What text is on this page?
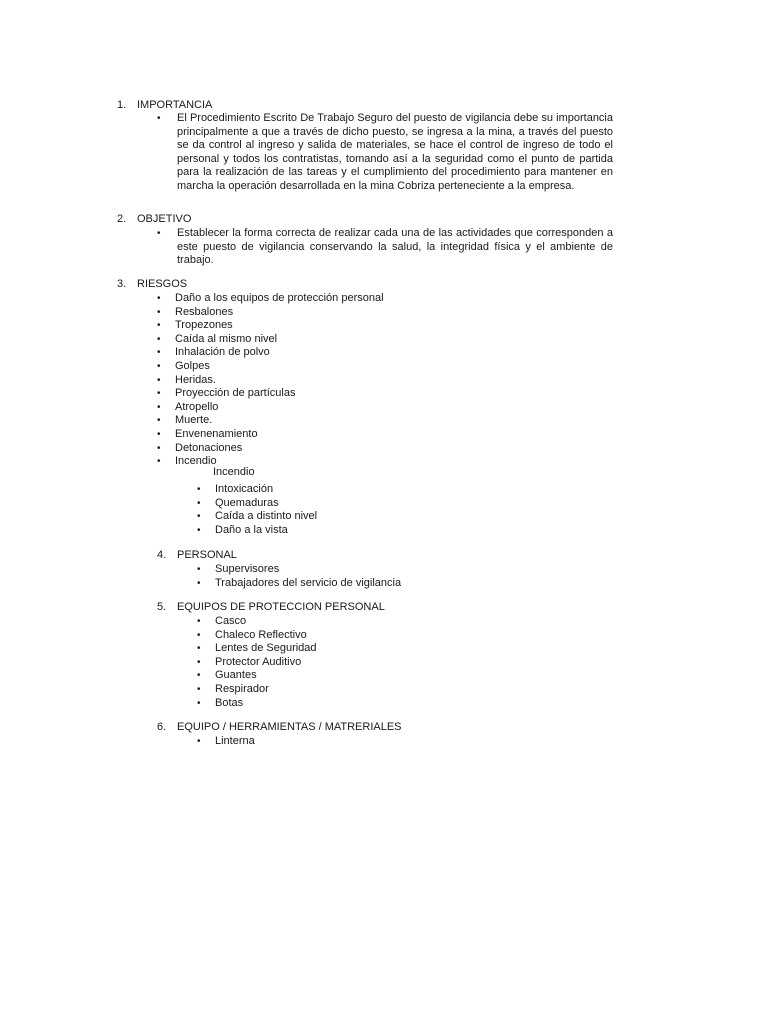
1. IMPORTANCIA
•	El Procedimiento Escrito De Trabajo Seguro del puesto de vigilancia debe su importancia principalmente a que a través de dicho puesto, se ingresa a la mina, a través del puesto se da control al ingreso y salida de materiales, se hace el control de ingreso de todo el personal y todos los contratistas, tomando así a la seguridad como el punto de partida para la realización de las tareas y el cumplimiento del procedimiento para mantener en marcha la operación desarrollada en la mina Cobriza perteneciente a la empresa.
2. OBJETIVO
•	Establecer la forma correcta de realizar cada una de las actividades que corresponden a este puesto de vigilancia conservando la salud, la integridad física y el ambiente de trabajo.
3. RIESGOS
• Daño a los equipos de protección personal
• Resbalones
• Tropezones
• Caída al mismo nivel
• Inhalación de polvo
• Golpes
• Heridas.
• Proyección de partículas
• Atropello
• Muerte.
• Envenenamiento
• Detonaciones
• Incendio
Incendio
• Intoxicación
• Quemaduras
• Caída a distinto nivel
• Daño a la vista
4. PERSONAL
• Supervisores
• Trabajadores del servicio de vigilancia
5. EQUIPOS DE PROTECCION PERSONAL
• Casco
• Chaleco Reflectivo
• Lentes de Seguridad
• Protector Auditivo
• Guantes
• Respirador
• Botas
6. EQUIPO / HERRAMIENTAS / MATRERIALES
• Linterna
